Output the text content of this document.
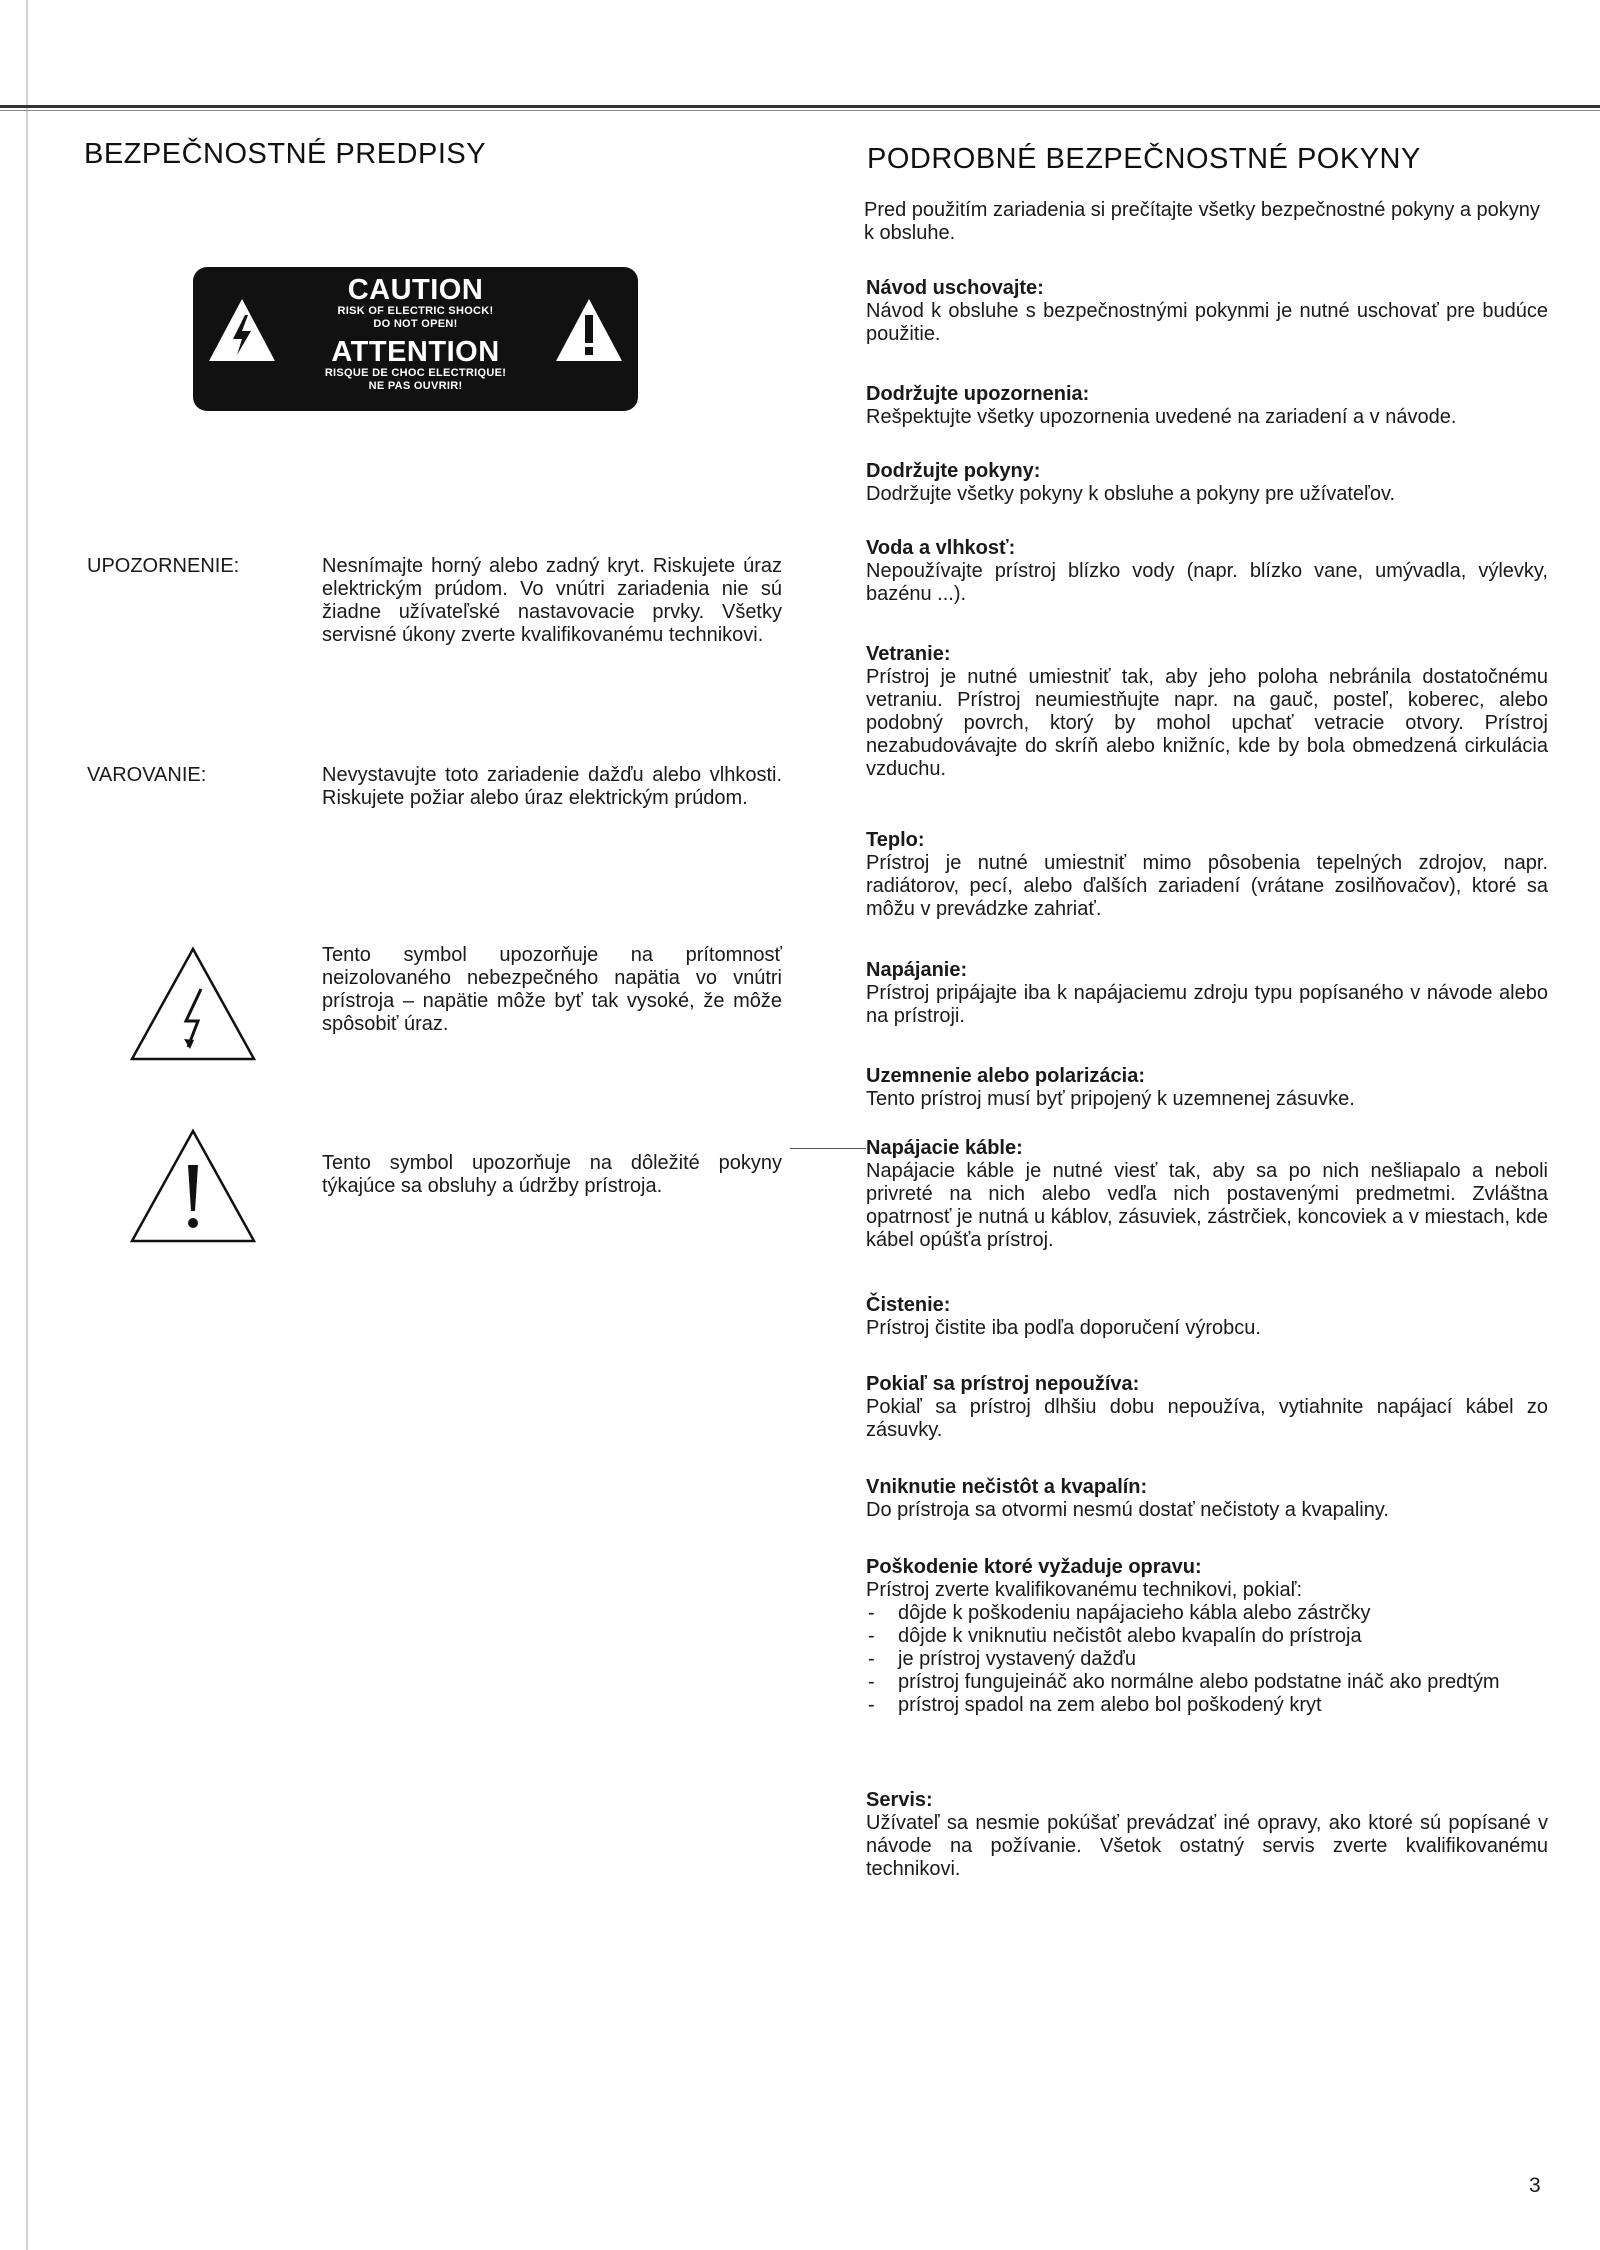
BEZPEČNOSTNÉ PREDPISY
CAUTION
RISK OF ELECTRIC SHOCK!
DO NOT OPEN!
ATTENTION
RISQUE DE CHOC ELECTRIQUE!
NE PAS OUVRIR!
UPOZORNENIE:	Nesnímajte horný alebo zadný kryt. Riskujete úraz elektrickým prúdom. Vo vnútri zariadenia nie sú žiadne užívateľské nastavovacie prvky. Všetky servisné úkony zverte kvalifikovanému technikovi.
VAROVANIE:	Nevystavujte toto zariadenie dažďu alebo vlhkosti. Riskujete požiar alebo úraz elektrickým prúdom.
Tento symbol upozorňuje na prítomnosť neizolovaného nebezpečného napätia vo vnútri prístroja – napätie môže byť tak vysoké, že môže spôsobiť úraz.
Tento symbol upozorňuje na dôležité pokyny týkajúce sa obsluhy a údržby prístroja.
PODROBNÉ BEZPEČNOSTNÉ POKYNY
Pred použitím zariadenia si prečítajte všetky bezpečnostné pokyny a pokyny k obsluhe.
Návod uschovajte:
Návod k obsluhe s bezpečnostnými pokynmi je nutné uschovať pre budúce použitie.
Dodržujte upozornenia:
Rešpektujte všetky upozornenia uvedené na zariadení a v návode.
Dodržujte pokyny:
Dodržujte všetky pokyny k obsluhe a pokyny pre užívateľov.
Voda a vlhkosť:
Nepoužívajte prístroj blízko vody (napr. blízko vane, umývadla, výlevky, bazénu ...).
Vetranie:
Prístroj je nutné umiestniť tak, aby jeho poloha nebránila dostatočnému vetraniu. Prístroj neumiestňujte napr. na gauč, posteľ, koberec, alebo podobný povrch, ktorý by mohol upchať vetracie otvory. Prístroj nezabudovávajte do skríň alebo knižníc, kde by bola obmedzená cirkulácia vzduchu.
Teplo:
Prístroj je nutné umiestniť mimo pôsobenia tepelných zdrojov, napr. radiátorov, pecí, alebo ďalších zariadení (vrátane zosilňovačov), ktoré sa môžu v prevádzke zahriať.
Napájanie:
Prístroj pripájajte iba k napájaciemu zdroju typu popísaného v návode alebo na prístroji.
Uzemnenie alebo polarizácia:
Tento prístroj musí byť pripojený k uzemnenej zásuvke.
Napájacie káble:
Napájacie káble je nutné viesť tak, aby sa po nich nešliapalo a neboli privreté na nich alebo vedľa nich postavenými predmetmi. Zvláštna opatrnosť je nutná u káblov, zásuviek, zástrčiek, koncoviek a v miestach, kde kábel opúšťa prístroj.
Čistenie:
Prístroj čistite iba podľa doporučení výrobcu.
Pokiaľ sa prístroj nepoužíva:
Pokiaľ sa prístroj dlhšiu dobu nepoužíva, vytiahnite napájací kábel zo zásuvky.
Vniknutie nečistôt a kvapalín:
Do prístroja sa otvormi nesmú dostať nečistoty a kvapaliny.
Poškodenie ktoré vyžaduje opravu:
Prístroj zverte kvalifikovanému technikovi, pokiaľ:
- dôjde k poškodeniu napájacieho kábla alebo zástrčky
- dôjde k vniknutiu nečistôt alebo kvapalín do prístroja
- je prístroj vystavený dažďu
- prístroj fungujeináč ako normálne alebo podstatne ináč ako predtým
- prístroj spadol na zem alebo bol poškodený kryt
Servis:
Užívateľ sa nesmie pokúšať prevádzať iné opravy, ako ktoré sú popísané v návode na požívanie. Všetok ostatný servis zverte kvalifikovanému technikovi.
3
